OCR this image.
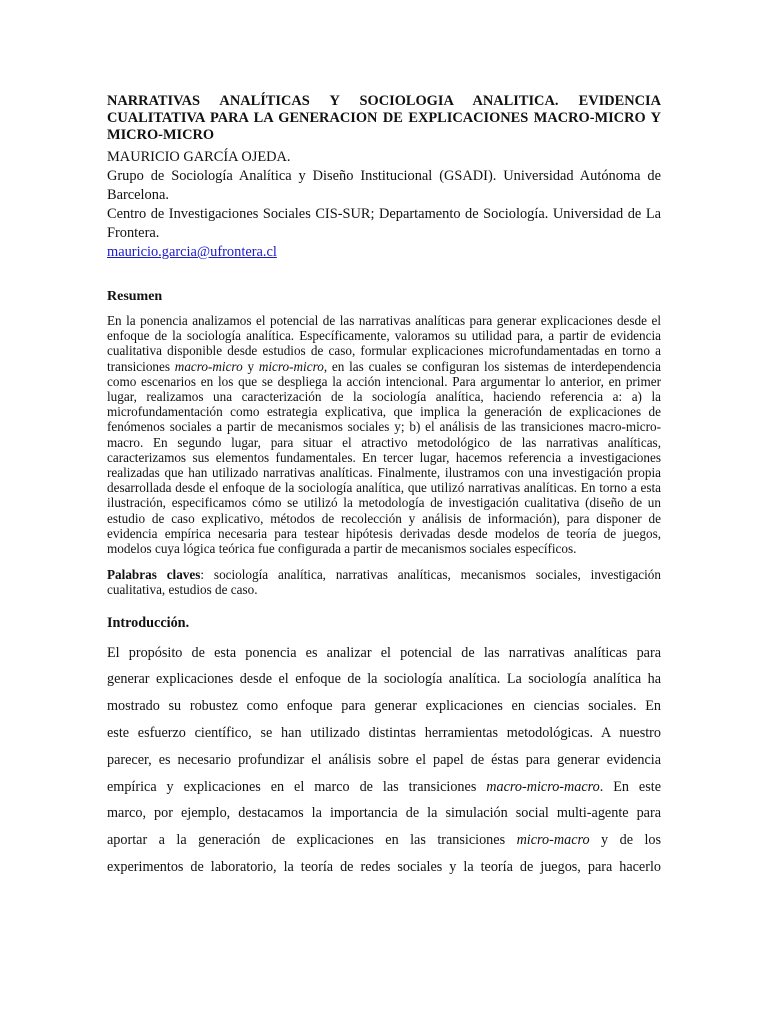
NARRATIVAS ANALÍTICAS Y SOCIOLOGIA ANALITICA. EVIDENCIA CUALITATIVA PARA LA GENERACION DE EXPLICACIONES MACRO-MICRO Y MICRO-MICRO

MAURICIO GARCÍA OJEDA.

Grupo de Sociología Analítica y Diseño Institucional (GSADI). Universidad Autónoma de Barcelona.

Centro de Investigaciones Sociales CIS-SUR; Departamento de Sociología. Universidad de La Frontera.

mauricio.garcia@ufrontera.cl

Resumen

En la ponencia analizamos el potencial de las narrativas analíticas para generar explicaciones desde el enfoque de la sociología analítica. Específicamente, valoramos su utilidad para, a partir de evidencia cualitativa disponible desde estudios de caso, formular explicaciones microfundamentadas en torno a transiciones macro-micro y micro-micro, en las cuales se configuran los sistemas de interdependencia como escenarios en los que se despliega la acción intencional. Para argumentar lo anterior, en primer lugar, realizamos una caracterización de la sociología analítica, haciendo referencia a: a) la microfundamentación como estrategia explicativa, que implica la generación de explicaciones de fenómenos sociales a partir de mecanismos sociales y; b) el análisis de las transiciones macro-micro-macro. En segundo lugar, para situar el atractivo metodológico de las narrativas analíticas, caracterizamos sus elementos fundamentales. En tercer lugar, hacemos referencia a investigaciones realizadas que han utilizado narrativas analíticas. Finalmente, ilustramos con una investigación propia desarrollada desde el enfoque de la sociología analítica, que utilizó narrativas analíticas. En torno a esta ilustración, especificamos cómo se utilizó la metodología de investigación cualitativa (diseño de un estudio de caso explicativo, métodos de recolección y análisis de información), para disponer de evidencia empírica necesaria para testear hipótesis derivadas desde modelos de teoría de juegos, modelos cuya lógica teórica fue configurada a partir de mecanismos sociales específicos.

Palabras claves: sociología analítica, narrativas analíticas, mecanismos sociales, investigación cualitativa, estudios de caso.

Introducción.

El propósito de esta ponencia es analizar el potencial de las narrativas analíticas para
generar explicaciones desde el enfoque de la sociología analítica. La sociología analítica ha
mostrado su robustez como enfoque para generar explicaciones en ciencias sociales. En
este esfuerzo científico, se han utilizado distintas herramientas metodológicas. A nuestro
parecer, es necesario profundizar el análisis sobre el papel de éstas para generar evidencia
empírica y explicaciones en el marco de las transiciones macro-micro-macro. En este
marco, por ejemplo, destacamos la importancia de la simulación social multi-agente para
aportar a la generación de explicaciones en las transiciones micro-macro y de los
experimentos de laboratorio, la teoría de redes sociales y la teoría de juegos, para hacerlo
